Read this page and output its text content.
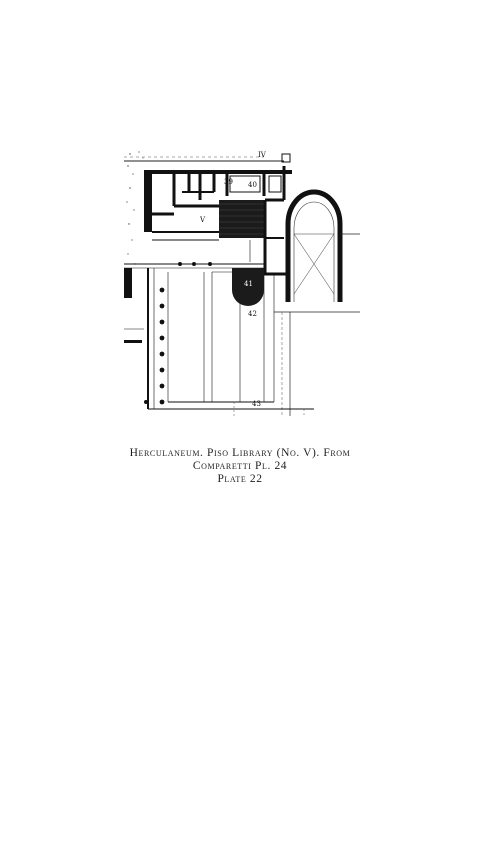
IV
39 40
V
41
42
43
Herculaneum. Piso Library (No. V). From
Comparetti Pl. 24
Plate 22
